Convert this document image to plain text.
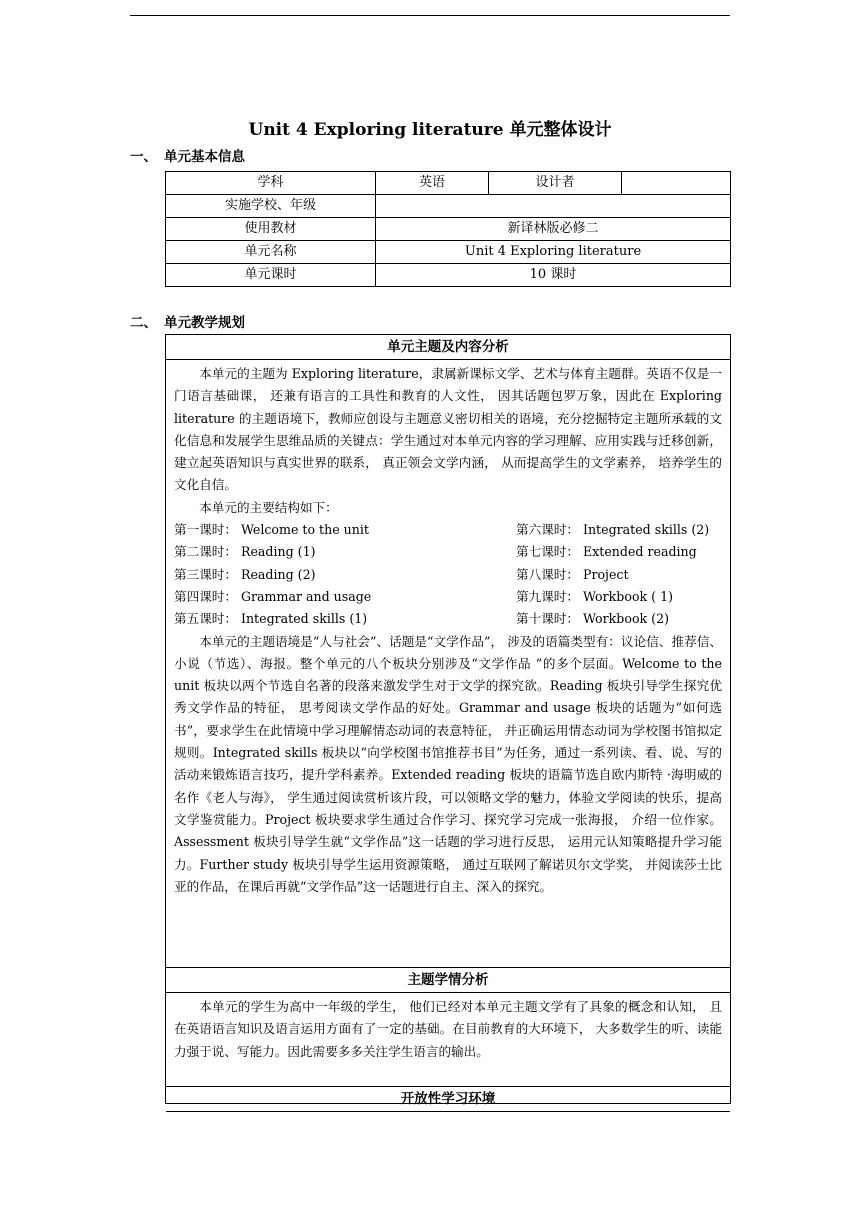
Unit 4 Exploring literature 单元整体设计
一、 单元基本信息
学科	英语	设计者	
实施学校、年级			
使用教材	新译林版必修二		
单元名称	Unit 4 Exploring literature		
单元课时	10 课时		
二、 单元教学规划
单元主题及内容分析

本单元的主题为 Exploring literature，隶属新课标文学、艺术与体育主题群。英语不仅是一门语言基础课， 还兼有语言的工具性和教育的人文性， 因其话题包罗万象，因此在 Exploring literature 的主题语境下，教师应创设与主题意义密切相关的语境，充分挖掘特定主题所承载的文化信息和发展学生思维品质的关键点：学生通过对本单元内容的学习理解、应用实践与迁移创新，建立起英语知识与真实世界的联系， 真正领会文学内涵， 从而提高学生的文学素养， 培养学生的文化自信。

本单元的主要结构如下：

第一课时： Welcome to the unit	第六课时： Integrated skills (2)
第二课时： Reading (1)	第七课时： Extended reading
第三课时： Reading (2)	第八课时： Project
第四课时： Grammar and usage	第九课时： Workbook ( 1)
第五课时： Integrated skills (1)	第十课时： Workbook (2)

本单元的主题语境是“人与社会”、话题是“文学作品”， 涉及的语篇类型有：议论信、推荐信、小说（节选）、海报。整个单元的八个板块分别涉及“文学作品 ”的多个层面。Welcome to the unit 板块以两个节选自名著的段落来激发学生对于文学的探究欲。Reading 板块引导学生探究优秀文学作品的特征， 思考阅读文学作品的好处。Grammar and usage 板块的话题为“如何选书”，要求学生在此情境中学习理解情态动词的表意特征， 并正确运用情态动词为学校图书馆拟定规则。Integrated skills 板块以“向学校图书馆推荐书目”为任务，通过一系列读、看、说、写的活动来锻炼语言技巧，提升学科素养。Extended reading 板块的语篇节选自欧内斯特 ·海明威的名作《老人与海》， 学生通过阅读赏析该片段，可以领略文学的魅力，体验文学阅读的快乐，提高文学鉴赏能力。Project 板块要求学生通过合作学习、探究学习完成一张海报， 介绍一位作家。Assessment 板块引导学生就“文学作品”这一话题的学习进行反思， 运用元认知策略提升学习能力。Further study 板块引导学生运用资源策略， 通过互联网了解诺贝尔文学奖， 并阅读莎士比亚的作品，在课后再就“文学作品”这一话题进行自主、深入的探究。

主题学情分析

本单元的学生为高中一年级的学生， 他们已经对本单元主题文学有了具象的概念和认知， 且在英语语言知识及语言运用方面有了一定的基础。在目前教育的大环境下， 大多数学生的听、读能力强于说、写能力。因此需要多多关注学生语言的输出。

开放性学习环境
